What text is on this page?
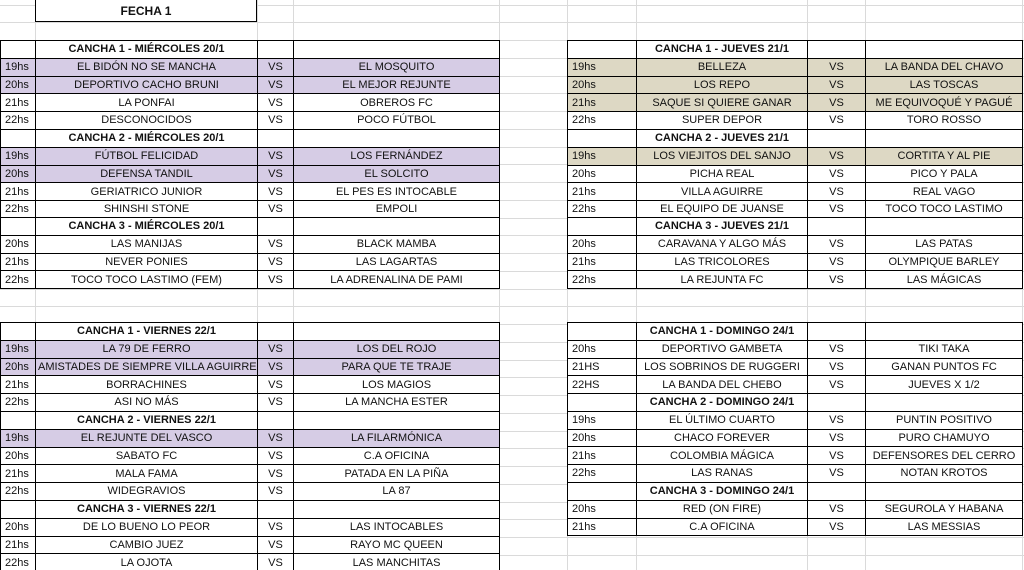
FECHA 1
	CANCHA 1 - MIÉRCOLES 20/1		
19hs	EL BIDÓN NO SE MANCHA	VS	EL MOSQUITO
20hs	DEPORTIVO CACHO BRUNI	VS	EL MEJOR REJUNTE
21hs	LA PONFAI	VS	OBREROS FC
22hs	DESCONOCIDOS	VS	POCO FÚTBOL
	CANCHA 2 - MIÉRCOLES 20/1		
19hs	FÚTBOL FELICIDAD	VS	LOS FERNÁNDEZ
20hs	DEFENSA TANDIL	VS	EL SOLCITO
21hs	GERIATRICO JUNIOR	VS	EL PES ES INTOCABLE
22hs	SHINSHI STONE	VS	EMPOLI
	CANCHA 3 - MIÉRCOLES 20/1		
20hs	LAS MANIJAS	VS	BLACK MAMBA
21hs	NEVER PONIES	VS	LAS LAGARTAS
22hs	TOCO TOCO LASTIMO (FEM)	VS	LA ADRENALINA DE PAMI
	CANCHA 1 - JUEVES 21/1		
19hs	BELLEZA	VS	LA BANDA DEL CHAVO
20hs	LOS REPO	VS	LAS TOSCAS
21hs	SAQUE SI QUIERE GANAR	VS	ME EQUIVOQUÉ Y PAGUÉ
22hs	SUPER DEPOR	VS	TORO ROSSO
	CANCHA 2 - JUEVES 21/1		
19hs	LOS VIEJITOS DEL SANJO	VS	CORTITA Y AL PIE
20hs	PICHA REAL	VS	PICO Y PALA
21hs	VILLA AGUIRRE	VS	REAL VAGO
22hs	EL EQUIPO DE JUANSE	VS	TOCO TOCO LASTIMO
	CANCHA 3 - JUEVES 21/1		
20hs	CARAVANA Y ALGO MÁS	VS	LAS PATAS
21hs	LAS TRICOLORES	VS	OLYMPIQUE BARLEY
22hs	LA REJUNTA FC	VS	LAS MÁGICAS
	CANCHA 1 - VIERNES 22/1		
19hs	LA 79 DE FERRO	VS	LOS DEL ROJO
20hs	AMISTADES DE SIEMPRE VILLA AGUIRRE	VS	PARA QUE TE TRAJE
21hs	BORRACHINES	VS	LOS MAGIOS
22hs	ASI NO MÁS	VS	LA MANCHA ESTER
	CANCHA 2 - VIERNES 22/1		
19hs	EL REJUNTE DEL VASCO	VS	LA FILARMÓNICA
20hs	SABATO FC	VS	C.A OFICINA
21hs	MALA FAMA	VS	PATADA EN LA PIÑA
22hs	WIDEGRAVIOS	VS	LA 87
	CANCHA 3 - VIERNES 22/1		
20hs	DE LO BUENO LO PEOR	VS	LAS INTOCABLES
21hs	CAMBIO JUEZ	VS	RAYO MC QUEEN
22hs	LA OJOTA	VS	LAS MANCHITAS
	CANCHA 1 - DOMINGO 24/1		
20hs	DEPORTIVO GAMBETA	VS	TIKI TAKA
21HS	LOS SOBRINOS DE RUGGERI	VS	GANAN PUNTOS FC
22HS	LA BANDA DEL CHEBO	VS	JUEVES X 1/2
	CANCHA 2 - DOMINGO 24/1		
19hs	EL ÚLTIMO CUARTO	VS	PUNTIN POSITIVO
20hs	CHACO FOREVER	VS	PURO CHAMUYO
21hs	COLOMBIA MÁGICA	VS	DEFENSORES DEL CERRO
22hs	LAS RANAS	VS	NOTAN KROTOS
	CANCHA 3 - DOMINGO 24/1		
20hs	RED (ON FIRE)	VS	SEGUROLA Y HABANA
21hs	C.A OFICINA	VS	LAS MESSIAS
